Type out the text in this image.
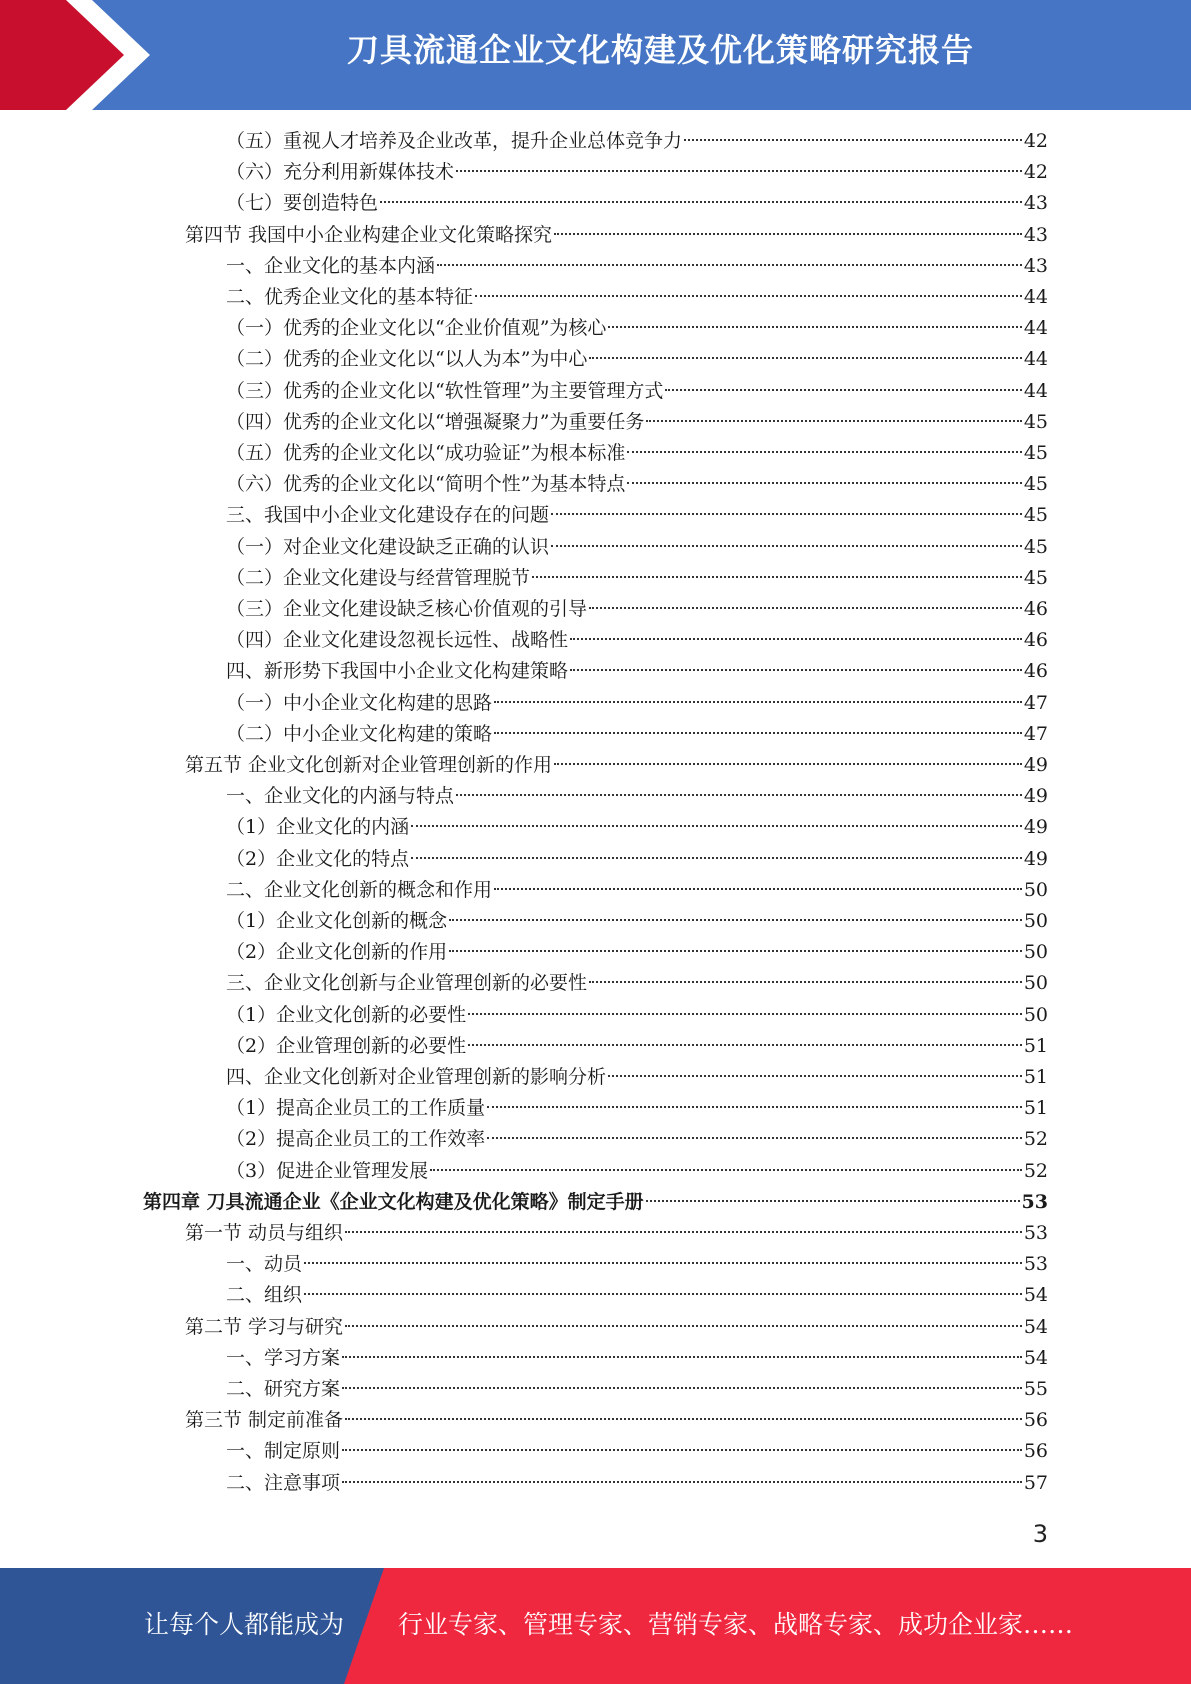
刀具流通企业文化构建及优化策略研究报告
（五）重视人才培养及企业改革，提升企业总体竞争力	42
（六）充分利用新媒体技术	42
（七）要创造特色	43
第四节 我国中小企业构建企业文化策略探究	43
一、企业文化的基本内涵	43
二、优秀企业文化的基本特征	44
（一）优秀的企业文化以“企业价值观”为核心	44
（二）优秀的企业文化以“以人为本”为中心	44
（三）优秀的企业文化以“软性管理”为主要管理方式	44
（四）优秀的企业文化以“增强凝聚力”为重要任务	45
（五）优秀的企业文化以“成功验证”为根本标准	45
（六）优秀的企业文化以“简明个性”为基本特点	45
三、我国中小企业文化建设存在的问题	45
（一）对企业文化建设缺乏正确的认识	45
（二）企业文化建设与经营管理脱节	45
（三）企业文化建设缺乏核心价值观的引导	46
（四）企业文化建设忽视长远性、战略性	46
四、新形势下我国中小企业文化构建策略	46
（一）中小企业文化构建的思路	47
（二）中小企业文化构建的策略	47
第五节 企业文化创新对企业管理创新的作用	49
一、企业文化的内涵与特点	49
（1）企业文化的内涵	49
（2）企业文化的特点	49
二、企业文化创新的概念和作用	50
（1）企业文化创新的概念	50
（2）企业文化创新的作用	50
三、企业文化创新与企业管理创新的必要性	50
（1）企业文化创新的必要性	50
（2）企业管理创新的必要性	51
四、企业文化创新对企业管理创新的影响分析	51
（1）提高企业员工的工作质量	51
（2）提高企业员工的工作效率	52
（3）促进企业管理发展	52
第四章 刀具流通企业《企业文化构建及优化策略》制定手册	53
第一节 动员与组织	53
一、动员	53
二、组织	54
第二节 学习与研究	54
一、学习方案	54
二、研究方案	55
第三节 制定前准备	56
一、制定原则	56
二、注意事项	57
3
让每个人都能成为 行业专家、管理专家、营销专家、战略专家、成功企业家……
